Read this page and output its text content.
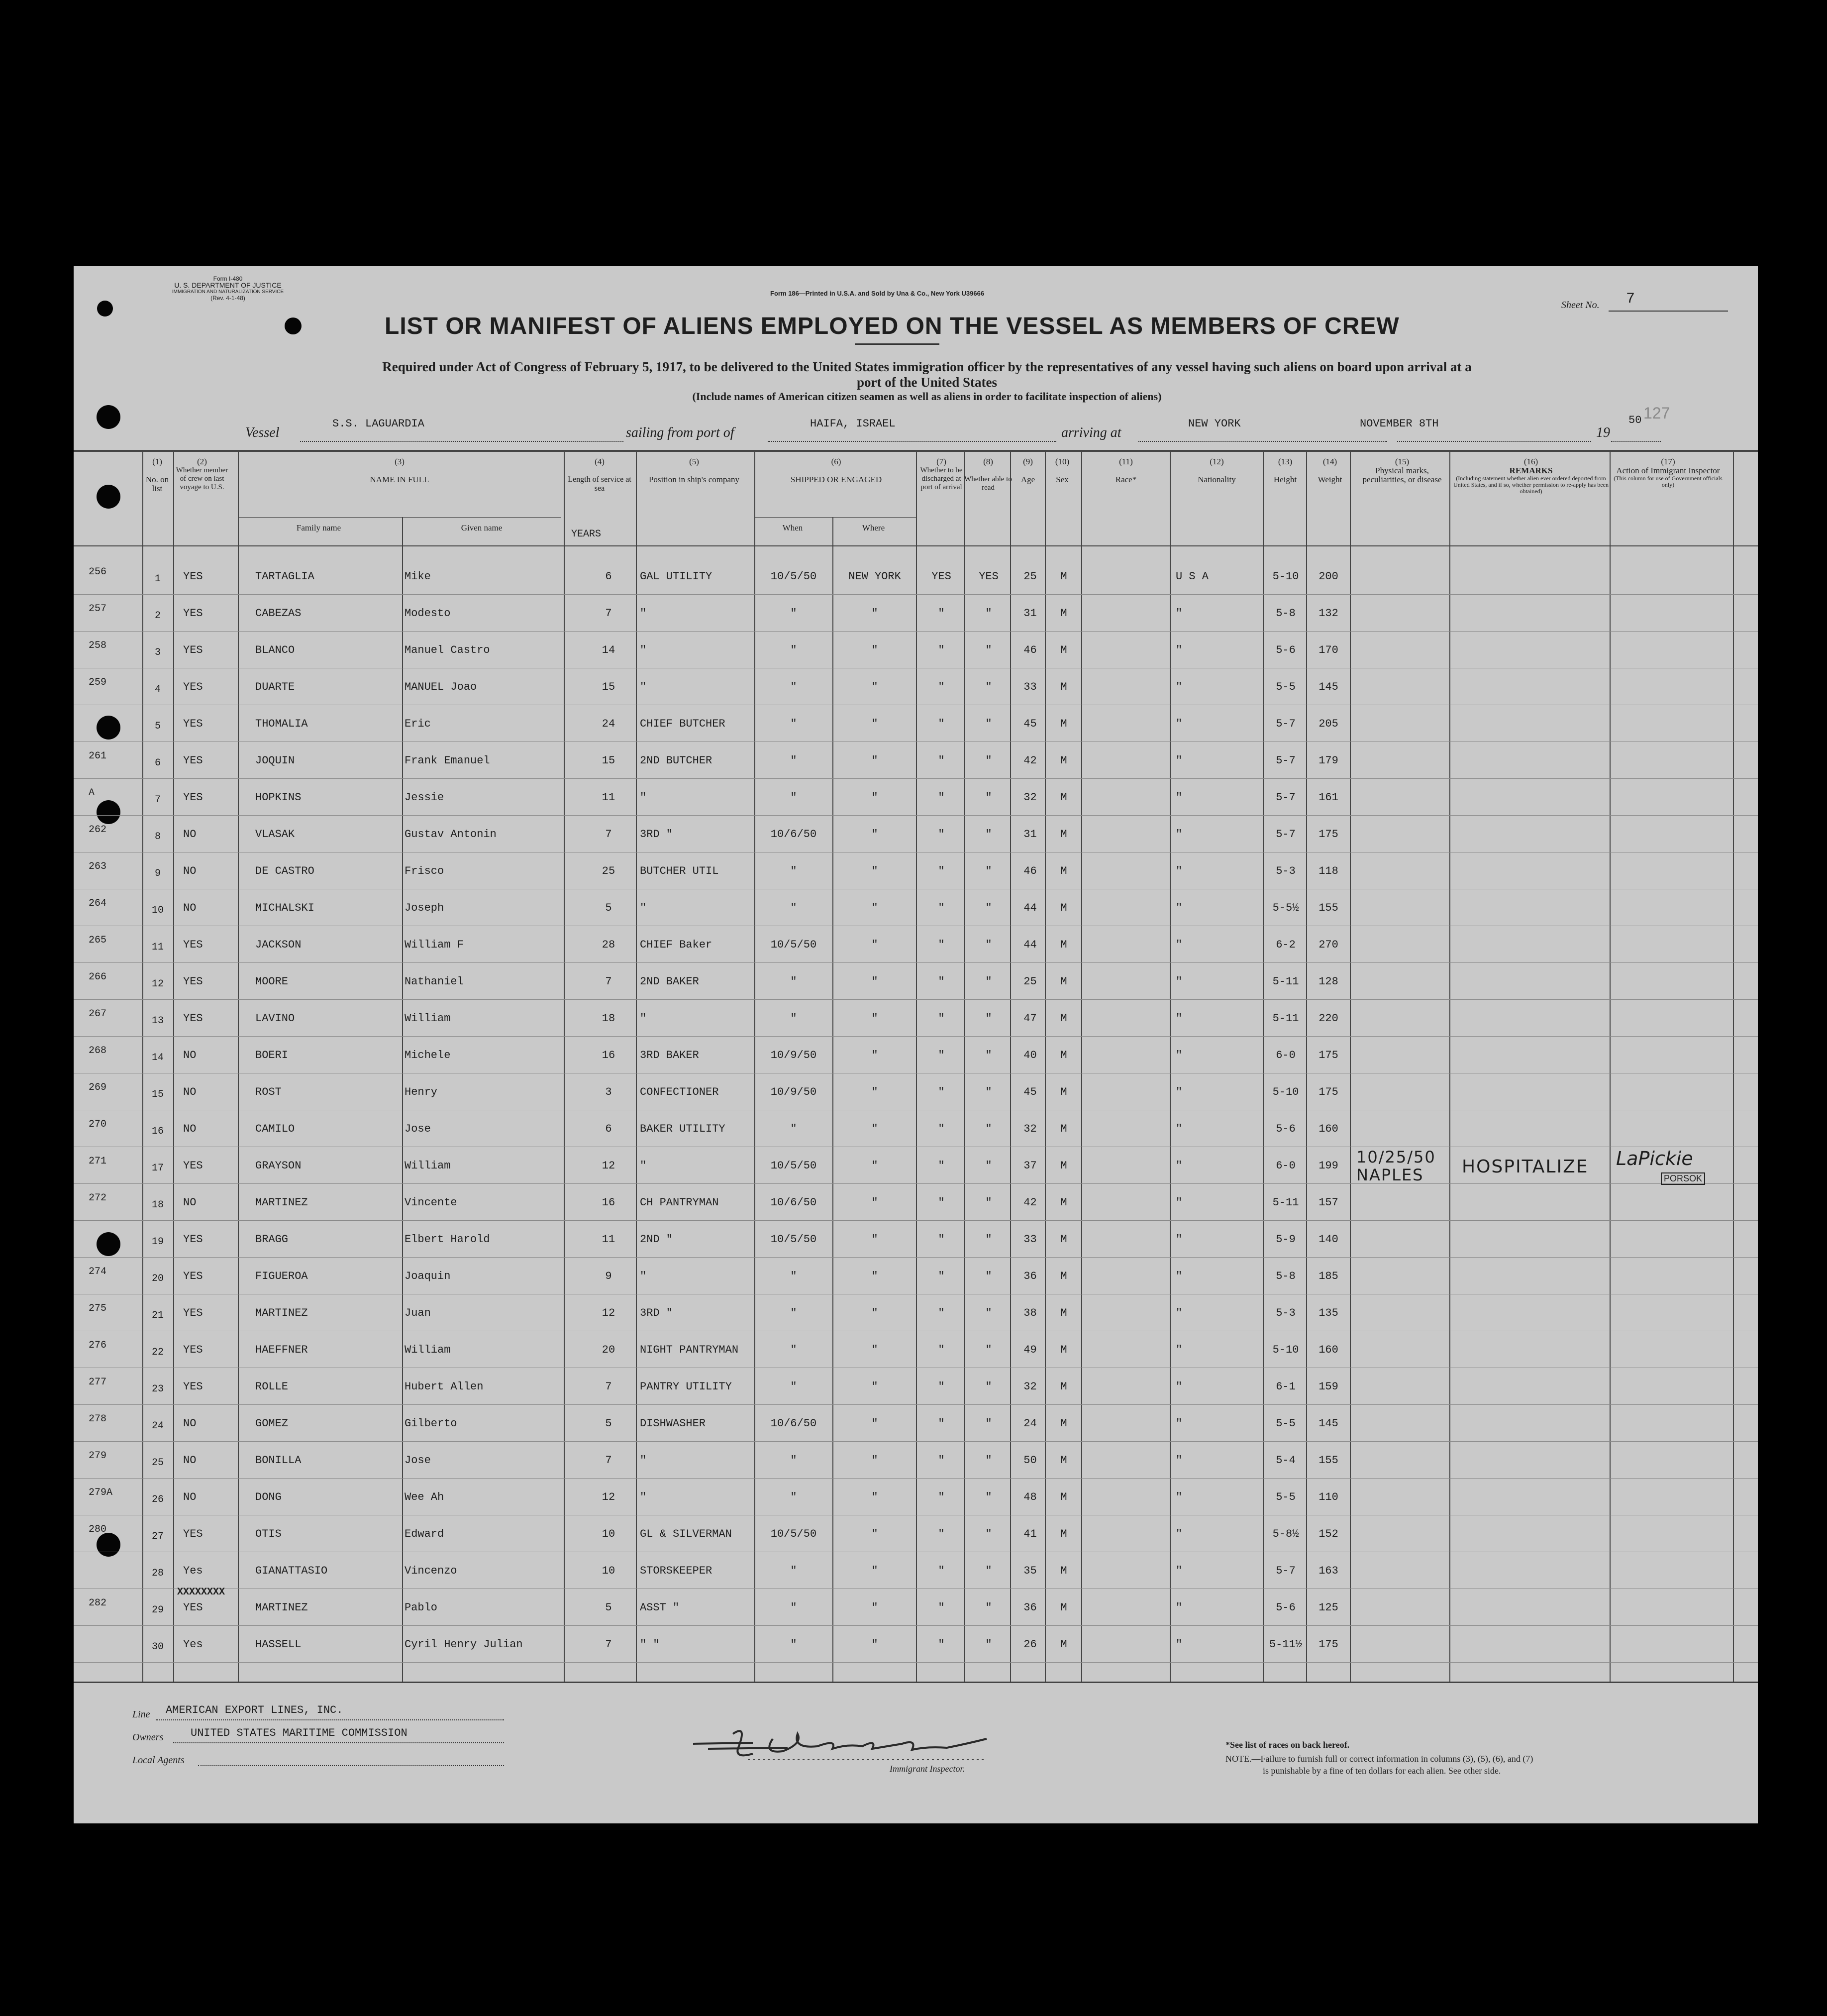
Form I-480
U. S. DEPARTMENT OF JUSTICE
IMMIGRATION AND NATURALIZATION SERVICE
(Rev. 4-1-48)
Form 186—Printed in U.S.A. and Sold by Una & Co., New York U39666
Sheet No. 7
LIST OR MANIFEST OF ALIENS EMPLOYED ON THE VESSEL AS MEMBERS OF CREW
Required under Act of Congress of February 5, 1917, to be delivered to the United States immigration officer by the representatives of any vessel having such aliens on board upon arrival at a
port of the United States
(Include names of American citizen seamen as well as aliens in order to facilitate inspection of aliens)
Vessel
S.S. LAGUARDIA
sailing from port of
HAIFA, ISRAEL
arriving at
NEW YORK	NOVEMBER 8TH
19
50 127
256
1	YES	TARTAGLIA	Mike	6	GAL UTILITY	10/5/50	NEW YORK	YES	YES	25	M	U S A	5-10	200
257
2	YES	CABEZAS	Modesto	7	"	"	"	"	"	31	M	"	5-8	132
258
3	YES	BLANCO	Manuel Castro	14	"	"	"	"	"	46	M	"	5-6	170
259
4	YES	DUARTE	MANUEL Joao	15	"	"	"	"	"	33	M	"	5-5	145
5	YES	THOMALIA	Eric	24	CHIEF BUTCHER	"	"	"	"	45	M	"	5-7	205
261
6	YES	JOQUIN	Frank Emanuel	15	2ND BUTCHER	"	"	"	"	42	M	"	5-7	179
A
7	YES	HOPKINS	Jessie	11	"	"	"	"	"	32	M	"	5-7	161
262
8	NO	VLASAK	Gustav Antonin	7	3RD "	10/6/50	"	"	"	31	M	"	5-7	175
263
9	NO	DE CASTRO	Frisco	25	BUTCHER UTIL	"	"	"	"	46	M	"	5-3	118
264
10	NO	MICHALSKI	Joseph	5	"	"	"	"	"	44	M	"	5-5½	155
265
11	YES	JACKSON	William F	28	CHIEF Baker	10/5/50	"	"	"	44	M	"	6-2	270
266
12	YES	MOORE	Nathaniel	7	2ND BAKER	"	"	"	"	25	M	"	5-11	128
267
13	YES	LAVINO	William	18	"	"	"	"	"	47	M	"	5-11	220
268
14	NO	BOERI	Michele	16	3RD BAKER	10/9/50	"	"	"	40	M	"	6-0	175
269
15	NO	ROST	Henry	3	CONFECTIONER	10/9/50	"	"	"	45	M	"	5-10	175
270
16	NO	CAMILO	Jose	6	BAKER UTILITY	"	"	"	"	32	M	"	5-6	160
271
17	YES	GRAYSON	William	12	"	10/5/50	"	"	"	37	M	"	6-0	199
272
18	NO	MARTINEZ	Vincente	16	CH PANTRYMAN	10/6/50	"	"	"	42	M	"	5-11	157
19	YES	BRAGG	Elbert Harold	11	2ND "	10/5/50	"	"	"	33	M	"	5-9	140
274
20	YES	FIGUEROA	Joaquin	9	"	"	"	"	"	36	M	"	5-8	185
275
21	YES	MARTINEZ	Juan	12	3RD "	"	"	"	"	38	M	"	5-3	135
276
22	YES	HAEFFNER	William	20	NIGHT PANTRYMAN	"	"	"	"	49	M	"	5-10	160
277
23	YES	ROLLE	Hubert Allen	7	PANTRY UTILITY	"	"	"	"	32	M	"	6-1	159
278
24	NO	GOMEZ	Gilberto	5	DISHWASHER	10/6/50	"	"	"	24	M	"	5-5	145
279
25	NO	BONILLA	Jose	7	"	"	"	"	"	50	M	"	5-4	155
279A
26	NO	DONG	Wee Ah	12	"	"	"	"	"	48	M	"	5-5	110
280
27	YES	OTIS	Edward	10	GL & SILVERMAN	10/5/50	"	"	"	41	M	"	5-8½	152
28	Yes	GIANATTASIO	Vincenzo	10	STORSKEEPER	"	"	"	"	35	M	"	5-7	163
282
29	YES	MARTINEZ	Pablo	5	ASST "	"	"	"	"	36	M	"	5-6	125
30	Yes	HASSELL	Cyril Henry Julian	7	" "	"	"	"	"	26	M	"	5-11½	175
(1)

No. on list
(2)
Whether member of crew on last voyage to U.S.
(3)

NAME IN FULL
Family name	Given name
(4)

Length of service at sea
YEARS
(5)

Position in ship's company
(6)

SHIPPED OR ENGAGED
When	Where
(7)
Whether to be discharged at port of arrival
(8)

Whether able to read
(9)

Age
(10)

Sex
(11)

Race*
(12)

Nationality
(13)

Height
(14)

Weight
(15)
Physical marks, peculiarities, or disease
(16)
REMARKS
(Including statement whether alien ever ordered deported from United States, and if so, whether permission to re-apply has been obtained)
(17)
Action of Immigrant Inspector
(This column for use of Government officials only)
10/25/50 NAPLES	HOSPITALIZE LaPickie
PORSOK
XXXXXXXX
Line AMERICAN EXPORT LINES, INC.
Owners UNITED STATES MARITIME COMMISSION
Local Agents
Immigrant Inspector.
*See list of races on back hereof.
NOTE.—Failure to furnish full or correct information in columns (3), (5), (6), and (7)
is punishable by a fine of ten dollars for each alien. See other side.
